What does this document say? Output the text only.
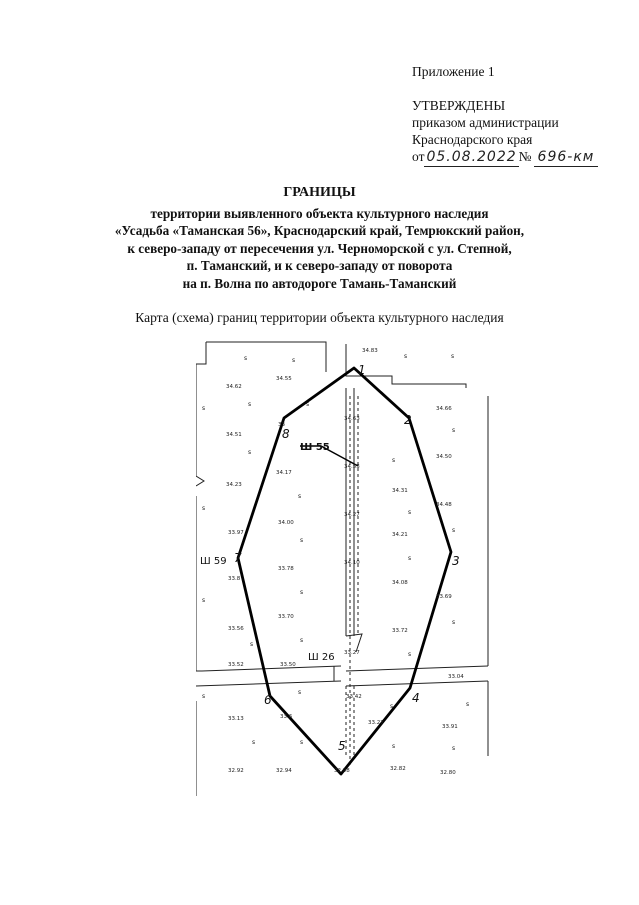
Приложение 1
УТВЕРЖДЕНЫ
приказом администрации
Краснодарского края
от 05.08.2022 № 696-км
ГРАНИЦЫ
территории выявленного объекта культурного наследия
«Усадьба «Таманская 56», Краснодарский край, Темрюкский район,
к северо-западу от пересечения ул. Черноморской с ул. Степной,
п. Таманский, и к северо-западу от поворота
на п. Волна по автодороге Тамань-Таманский
Карта (схема) границ территории объекта культурного наследия
1
2
3
4
5
6
7
8
Ш 55
Ш 59
Ш 26
34.83
34.62
34.55
34.66
34.51
33
34.50
34.53
34.17
34.31
34.23
34.48
34.27
34.21
33.97
34.00
33.78
34.08
33.69
33.70
33.72
33.56
33.27
33.52	33.50
33.04
33.42
33.13
33.27
33.91
32.92	32.94	32.98	32.82
32.80
34.10
34.63
33.8
33.6
s	s
s	s
s
s	s
s
s
s
s
s
s
s
s
s
s
s
s
s
s
s
s
s
s	s
s	s
s	s
